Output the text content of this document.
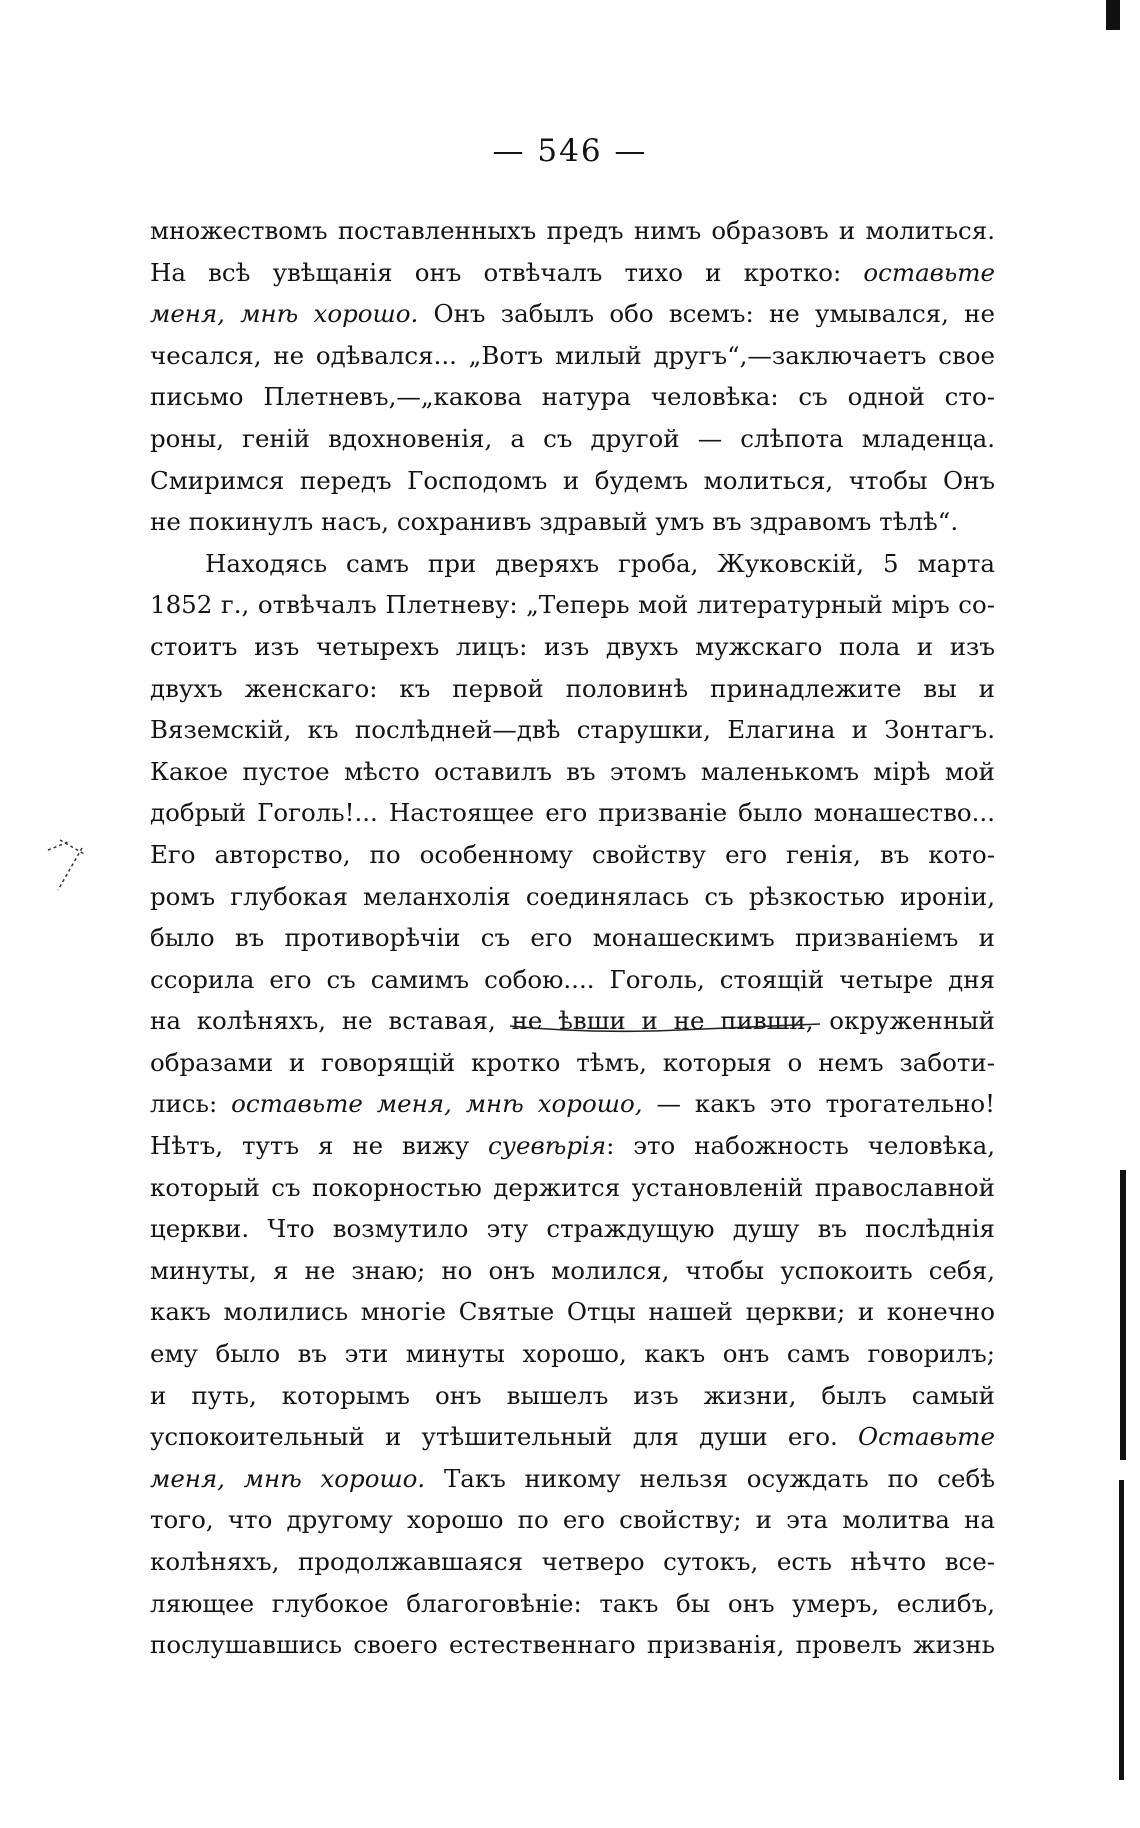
— 546 —
множествомъ поставленныхъ предъ нимъ образовъ и молиться.
На всѣ увѣщанія онъ отвѣчалъ тихо и кротко: оставьте
меня, мнѣ хорошо. Онъ забылъ обо всемъ: не умывался, не
чесался, не одѣвался... „Вотъ милый другъ“,—заключаетъ свое
письмо Плетневъ,—„какова натура человѣка: съ одной сто-
роны, геній вдохновенія, а съ другой — слѣпота младенца.
Смиримся передъ Господомъ и будемъ молиться, чтобы Онъ
не покинулъ насъ, сохранивъ здравый умъ въ здравомъ тѣлѣ“.
Находясь самъ при дверяхъ гроба, Жуковскій, 5 марта
1852 г., отвѣчалъ Плетневу: „Теперь мой литературный міръ со-
стоитъ изъ четырехъ лицъ: изъ двухъ мужскаго пола и изъ
двухъ женскаго: къ первой половинѣ принадлежите вы и
Вяземскій, къ послѣдней—двѣ старушки, Елагина и Зонтагъ.
Какое пустое мѣсто оставилъ въ этомъ маленькомъ мірѣ мой
добрый Гоголь!... Настоящее его призваніе было монашество...
Его авторство, по особенному свойству его генія, въ кото-
ромъ глубокая меланхолія соединялась съ рѣзкостью ироніи,
было въ противорѣчіи съ его монашескимъ призваніемъ и
ссорила его съ самимъ собою.... Гоголь, стоящій четыре дня
на колѣняхъ, не вставая, не ѣвши и не пивши, окруженный
образами и говорящій кротко тѣмъ, которыя о немъ заботи-
лись: оставьте меня, мнѣ хорошо, — какъ это трогательно!
Нѣтъ, тутъ я не вижу суевѣрія: это набожность человѣка,
который съ покорностью держится установленій православной
церкви. Что возмутило эту страждущую душу въ послѣднія
минуты, я не знаю; но онъ молился, чтобы успокоить себя,
какъ молились многіе Святые Отцы нашей церкви; и конечно
ему было въ эти минуты хорошо, какъ онъ самъ говорилъ;
и путь, которымъ онъ вышелъ изъ жизни, былъ самый
успокоительный и утѣшительный для души его. Оставьте
меня, мнѣ хорошо. Такъ никому нельзя осуждать по себѣ
того, что другому хорошо по его свойству; и эта молитва на
колѣняхъ, продолжавшаяся четверо сутокъ, есть нѣчто все-
ляющее глубокое благоговѣніе: такъ бы онъ умеръ, еслибъ,
послушавшись своего естественнаго призванія, провелъ жизнь
